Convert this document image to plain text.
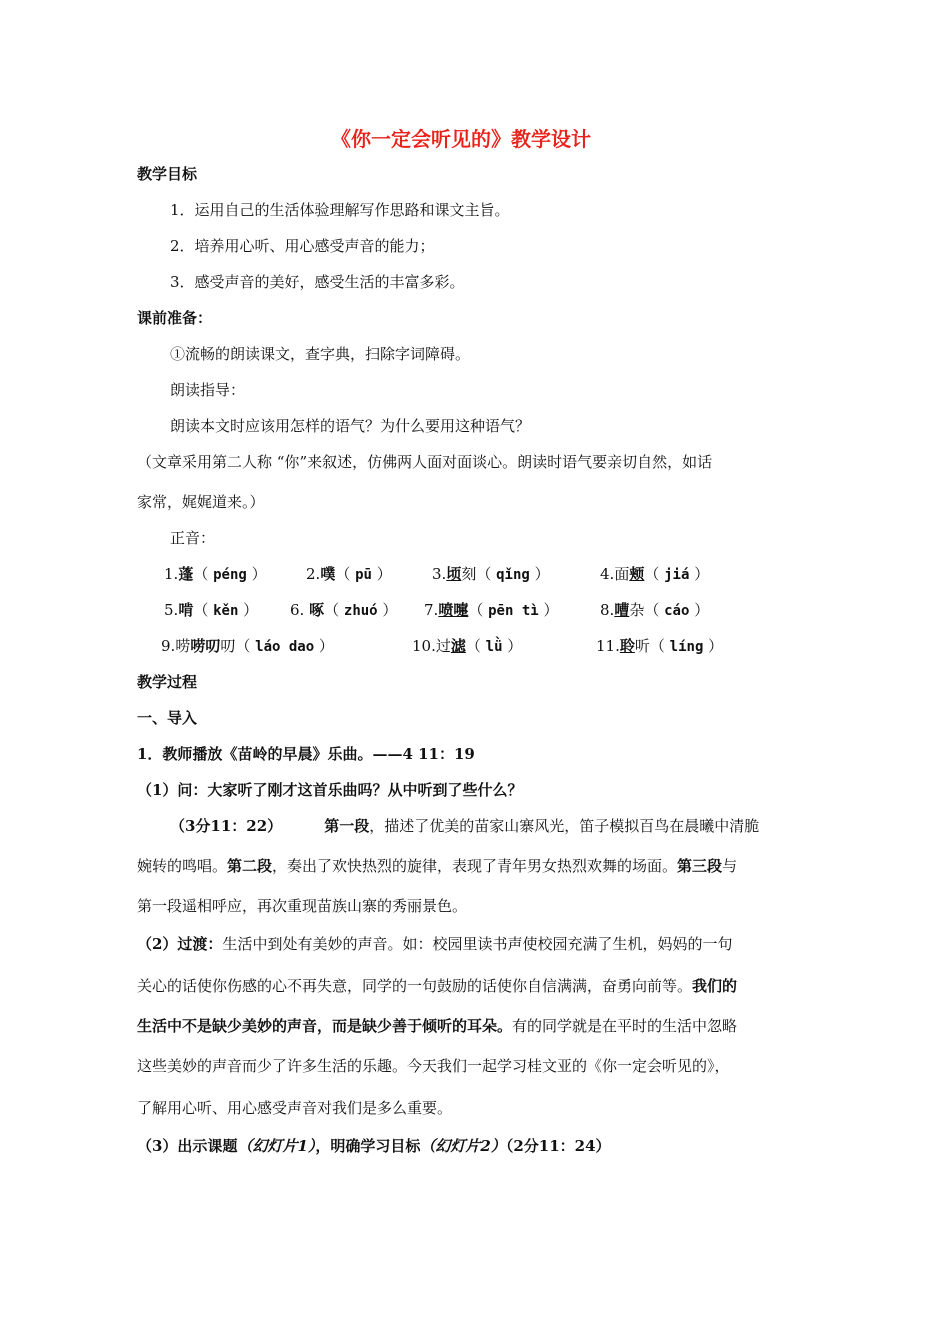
《你一定会听见的》教学设计
教学目标
1．运用自己的生活体验理解写作思路和课文主旨。
2．培养用心听、用心感受声音的能力；
3．感受声音的美好，感受生活的丰富多彩。
课前准备：
①流畅的朗读课文，查字典，扫除字词障碍。
朗读指导：
朗读本文时应该用怎样的语气？为什么要用这种语气？
（文章采用第二人称 “你”来叙述，仿佛两人面对面谈心。朗读时语气要亲切自然，如话
家常，娓娓道来。）
正音：
1.蓬（ péng ）	2.噗（ pū ）	3.顷刻（ qǐng ）	4.面颊（ jiá ）
5.啃（ kěn ） 6. 啄（ zhuó ） 7.喷嚏（ pēn tì ）	8.嘈杂（ cáo ）
9.唠唠叨叨（ láo dao ）	10.过滤（ lǜ ）	11.聆听（ líng ）
教学过程
一、导入
1．教师播放《苗岭的早晨》乐曲。——4 11：19
（1）问：大家听了刚才这首乐曲吗？从中听到了些什么？
（3分11：22）	第一段，描述了优美的苗家山寨风光，笛子模拟百鸟在晨曦中清脆
婉转的鸣唱。第二段，奏出了欢快热烈的旋律，表现了青年男女热烈欢舞的场面。第三段与
第一段遥相呼应，再次重现苗族山寨的秀丽景色。
（2）过渡：生活中到处有美妙的声音。如：校园里读书声使校园充满了生机，妈妈的一句
关心的话使你伤感的心不再失意，同学的一句鼓励的话使你自信满满，奋勇向前等。我们的
生活中不是缺少美妙的声音，而是缺少善于倾听的耳朵。有的同学就是在平时的生活中忽略
这些美妙的声音而少了许多生活的乐趣。今天我们一起学习桂文亚的《你一定会听见的》，
了解用心听、用心感受声音对我们是多么重要。
（3）出示课题（幻灯片1），明确学习目标（幻灯片2）（2分11：24）
